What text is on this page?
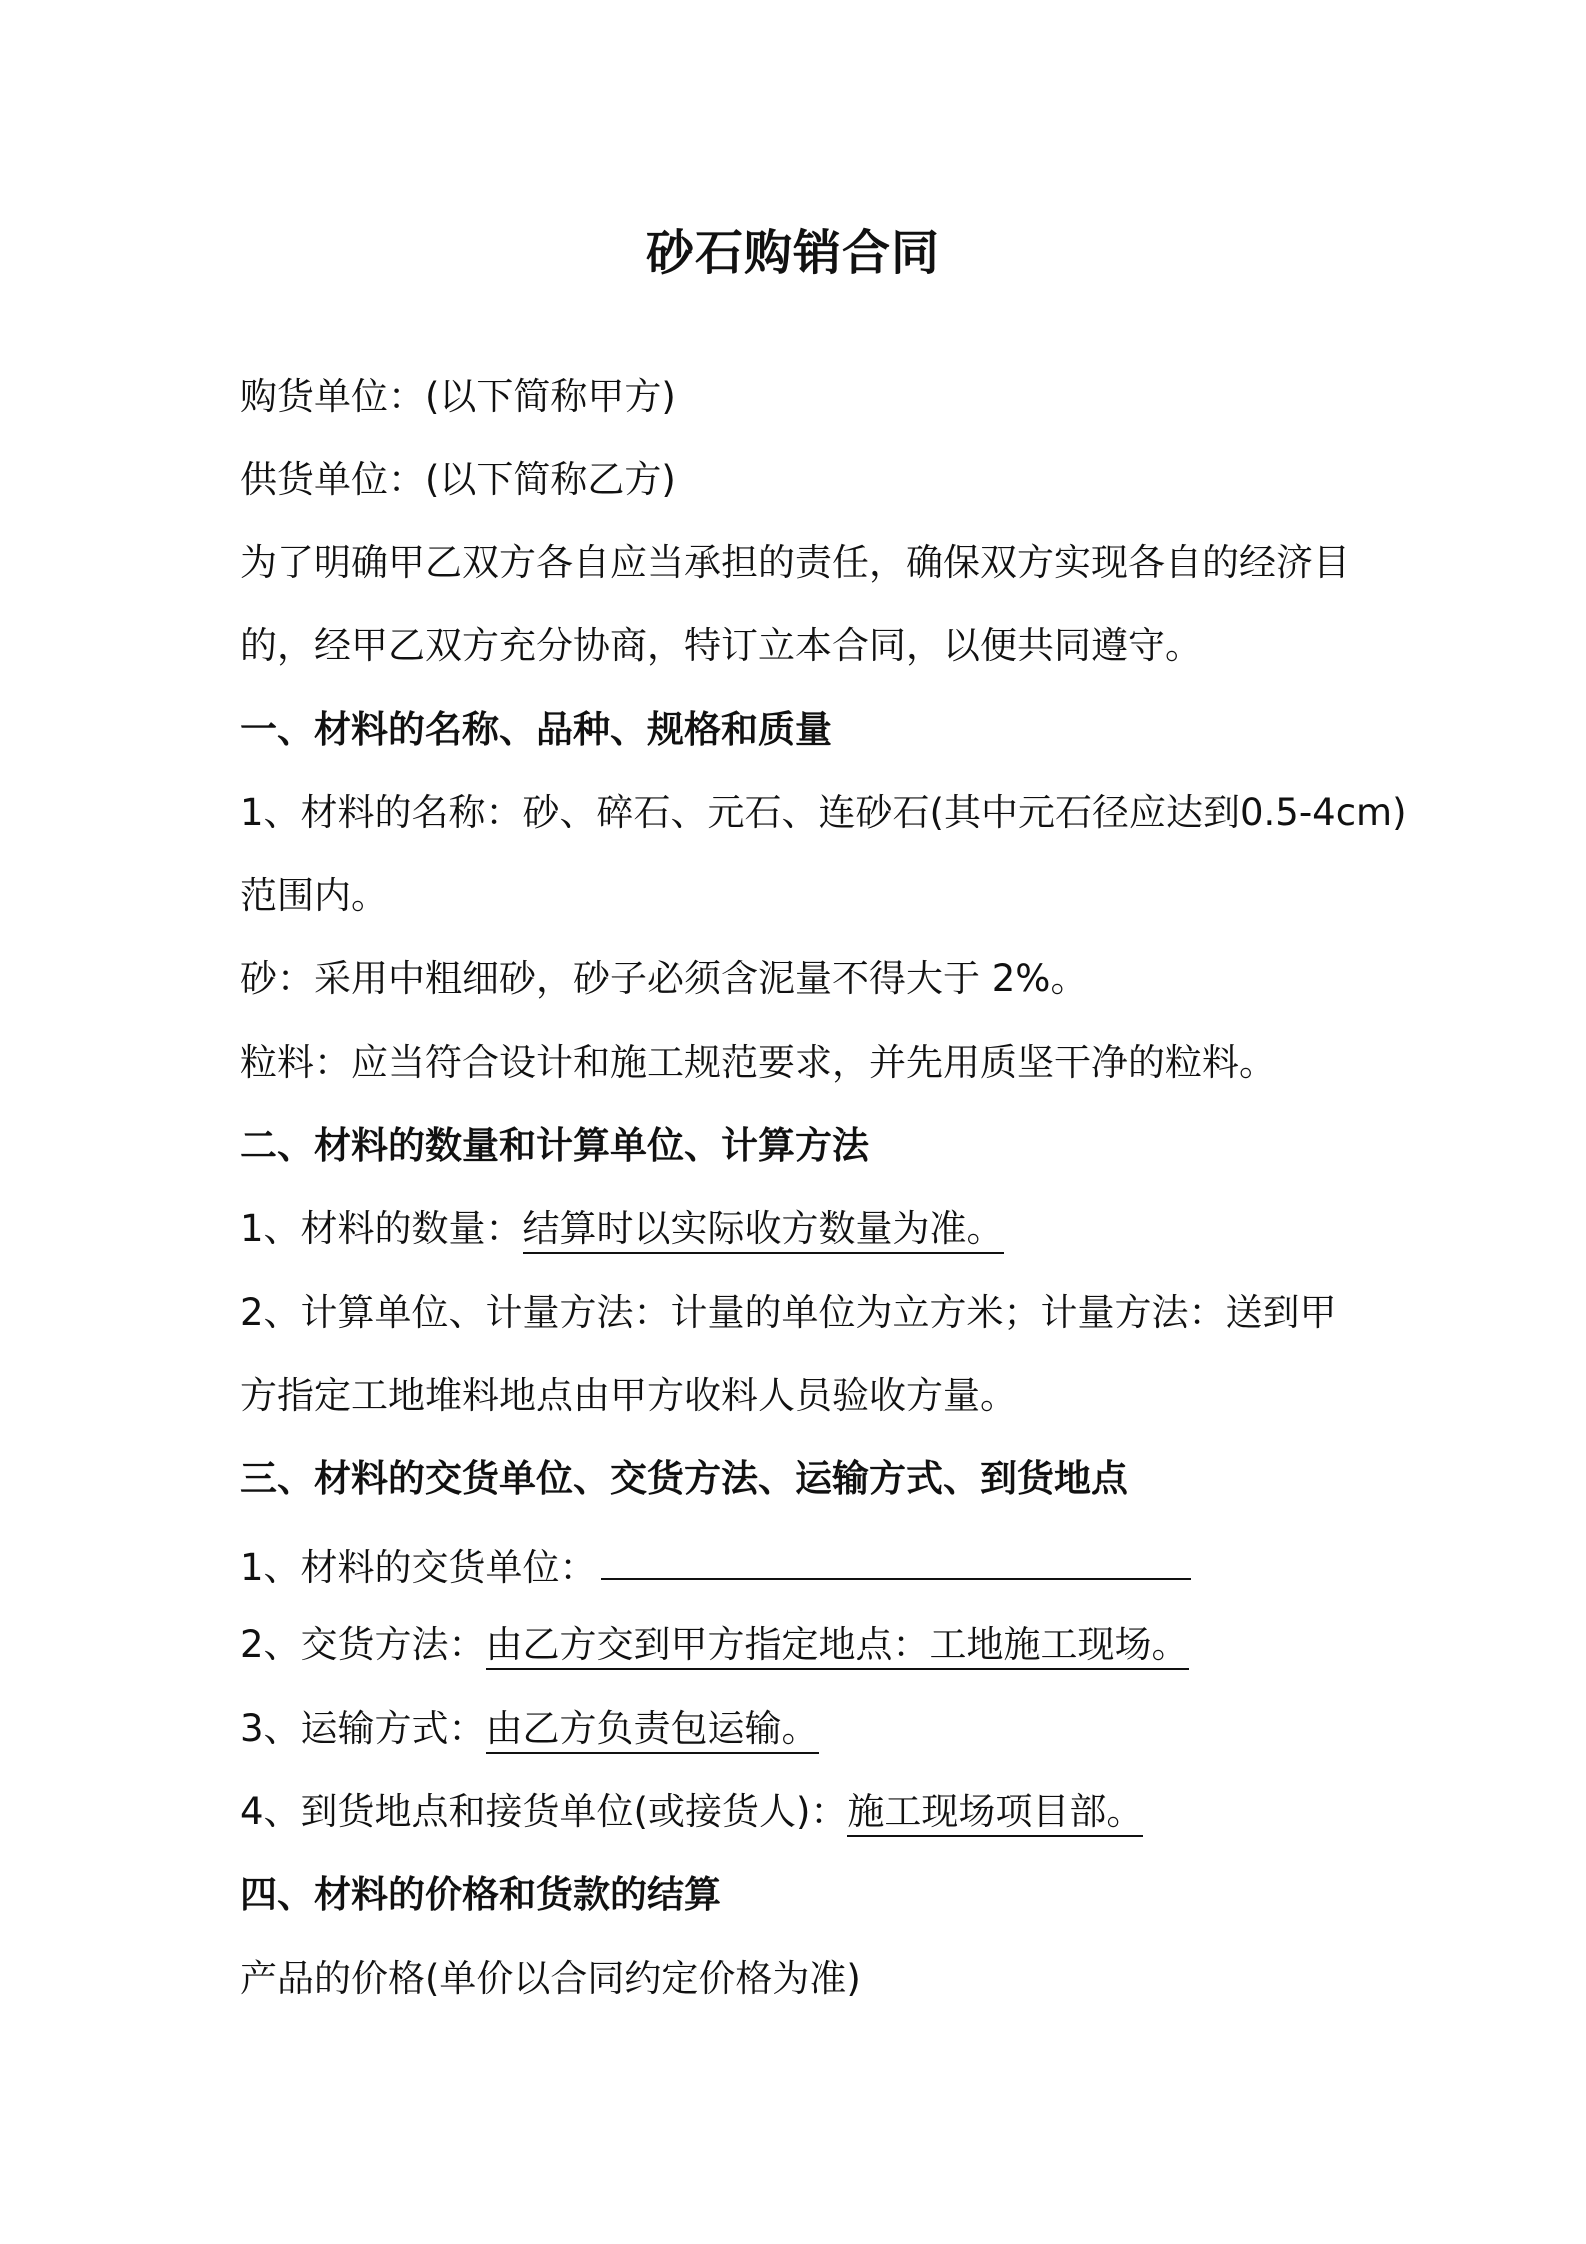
砂石购销合同

购货单位：(以下简称甲方)

供货单位：(以下简称乙方)

为了明确甲乙双方各自应当承担的责任，确保双方实现各自的经济目

的，经甲乙双方充分协商，特订立本合同，以便共同遵守。

一、材料的名称、品种、规格和质量

1、材料的名称：砂、碎石、元石、连砂石(其中元石径应达到0.5-4cm)

范围内。

砂：采用中粗细砂，砂子必须含泥量不得大于 2%。

粒料：应当符合设计和施工规范要求，并先用质坚干净的粒料。

二、材料的数量和计算单位、计算方法

1、材料的数量：结算时以实际收方数量为准。

2、计算单位、计量方法：计量的单位为立方米；计量方法：送到甲

方指定工地堆料地点由甲方收料人员验收方量。

三、材料的交货单位、交货方法、运输方式、到货地点

1、材料的交货单位：

2、交货方法：由乙方交到甲方指定地点：工地施工现场。

3、运输方式：由乙方负责包运输。

4、到货地点和接货单位(或接货人)：施工现场项目部。

四、材料的价格和货款的结算

产品的价格(单价以合同约定价格为准)
